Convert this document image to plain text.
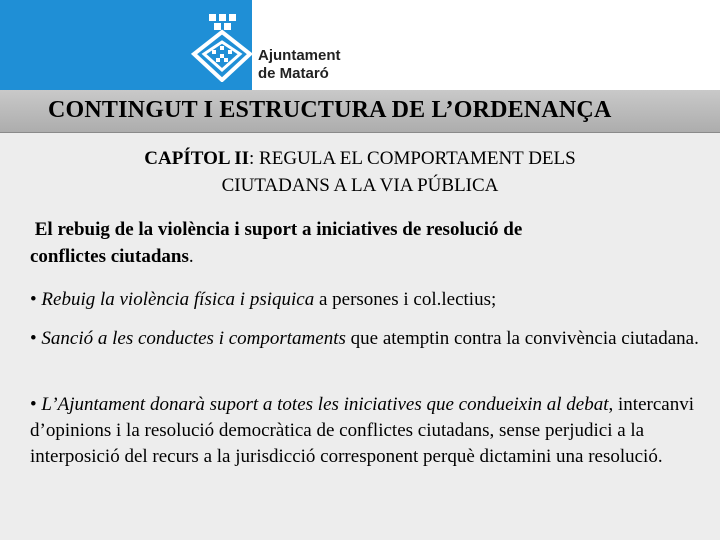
Ajuntament
de Mataró
CONTINGUT I ESTRUCTURA DE L’ORDENANÇA
CAPÍTOL II: REGULA EL COMPORTAMENT DELS
CIUTADANS A LA VIA PÚBLICA
El rebuig de la violència i suport a iniciatives de resolució de
conflictes ciutadans.
• Rebuig la violència física i psiquica a persones i col.lectius;
• Sanció a les conductes i comportaments que atemptin contra la convivència ciutadana.
• L’Ajuntament donarà suport a totes les iniciatives que condueixin al debat, intercanvi d’opinions i la resolució democràtica de conflictes ciutadans, sense perjudici a la interposició del recurs a la jurisdicció corresponent perquè dictamini una resolució.
